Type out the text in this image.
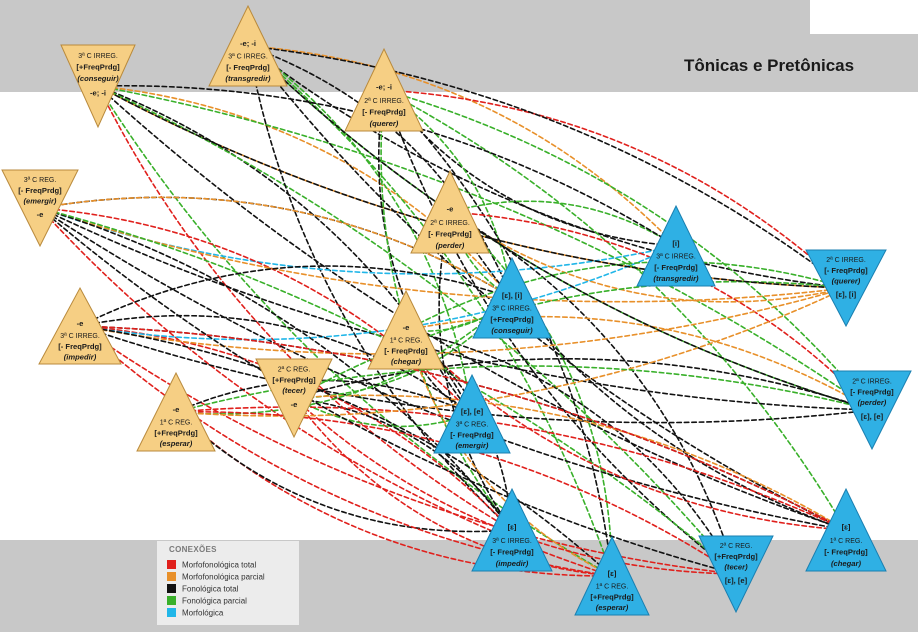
3ª C IRREG.
[+FreqPrdg]
(conseguir)
-e; -i
-e; -i
3ª C IRREG.
[- FreqPrdg]
(transgredir)
-e; -i
2ª C IRREG.
[- FreqPrdg]
(querer)
3ª C REG.
[- FreqPrdg]
(emergir)
-e
-e
2ª C IRREG.
[- FreqPrdg]
(perder)
-e
3ª C IRREG.
[- FreqPrdg]
(impedir)
-e
1ª C REG.
[- FreqPrdg]
(chegar)
2ª C REG.
[+FreqPrdg]
(tecer)
-e
-e
1ª C REG.
[+FreqPrdg]
(esperar)
[i]
3ª C IRREG.
[- FreqPrdg]
(transgredir)
2ª C IRREG.
[- FreqPrdg]
(querer)
[ɛ], [i]
[ɛ], [i]
3ª C IRREG.
[+FreqPrdg]
(conseguir)
2ª C IRREG.
[- FreqPrdg]
(perder)
[ɛ], [e]
[ɛ], [e]
3ª C REG.
[- FreqPrdg]
(emergir)
[ɛ]
3ª C IRREG.
[- FreqPrdg]
(impedir)
[ɛ]
1ª C REG.
[+FreqPrdg]
(esperar)
2ª C REG.
[+FreqPrdg]
(tecer)
[ɛ], [e]
[ɛ]
1ª C REG.
[- FreqPrdg]
(chegar)
Tônicas e Pretônicas
CONEXÕES
Morfofonológica total
Morfofonológica parcial
Fonológica total
Fonológica parcial
Morfológica
